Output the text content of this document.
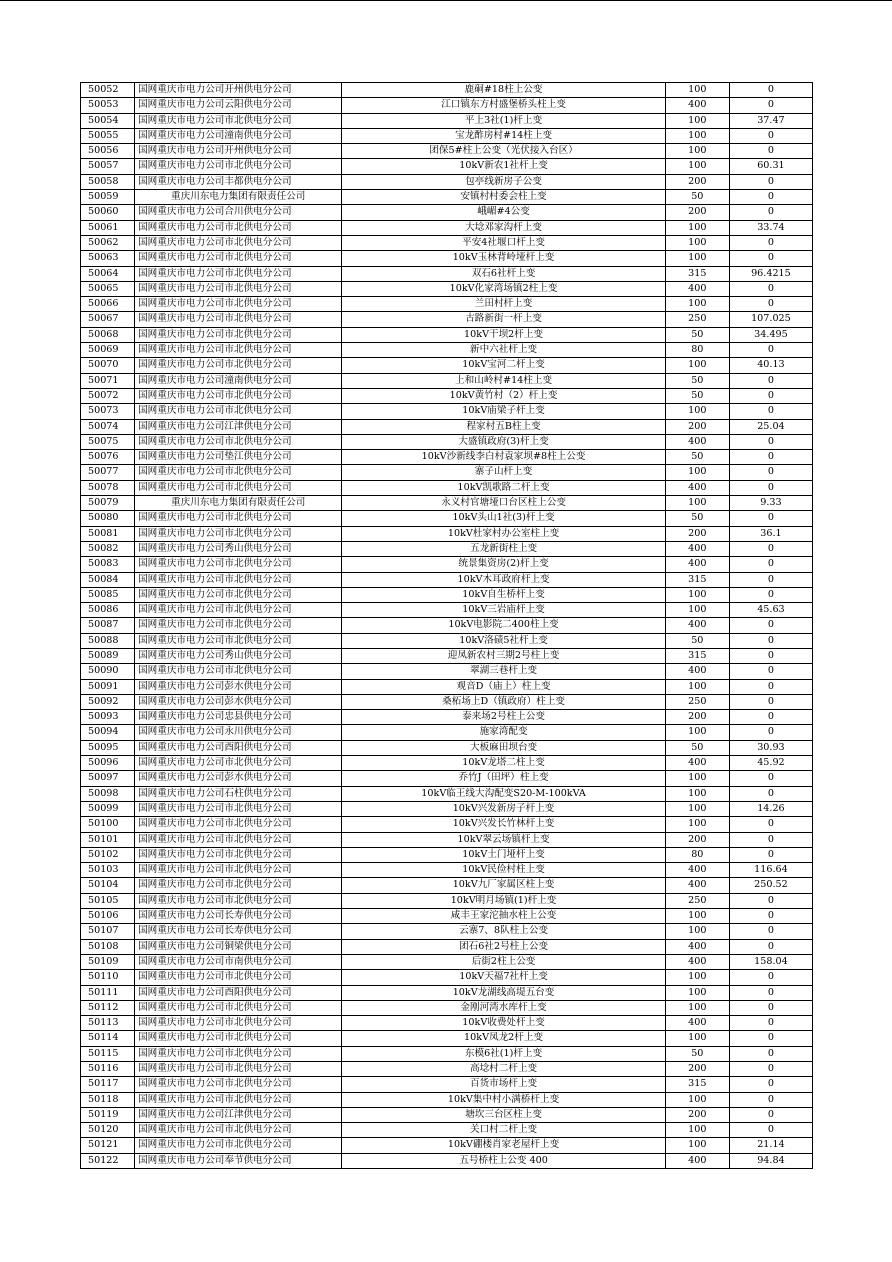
50052	国网重庆市电力公司开州供电分公司	鹿硐#18柱上公变	100	0
50053	国网重庆市电力公司云阳供电分公司	江口镇东方村盛堡桥头柱上变	400	0
50054	国网重庆市电力公司市北供电分公司	平上3社(1)杆上变	100	37.47
50055	国网重庆市电力公司潼南供电分公司	宝龙酢房村#14柱上变	100	0
50056	国网重庆市电力公司开州供电分公司	团保5#柱上公变（光伏接入台区）	100	0
50057	国网重庆市电力公司市北供电分公司	10kV新农1社杆上变	100	60.31
50058	国网重庆市电力公司丰都供电分公司	包亭线新房子公变	200	0
50059	重庆川东电力集团有限责任公司	安镇村村委会柱上变	50	0
50060	国网重庆市电力公司合川供电分公司	峨嵋#4公变	200	0
50061	国网重庆市电力公司市北供电分公司	大埝邓家沟杆上变	100	33.74
50062	国网重庆市电力公司市北供电分公司	平安4社堰口杆上变	100	0
50063	国网重庆市电力公司市北供电分公司	10kV玉林背岭垭杆上变	100	0
50064	国网重庆市电力公司市北供电分公司	双石6社杆上变	315	96.4215
50065	国网重庆市电力公司市北供电分公司	10kV化家湾场镇2柱上变	400	0
50066	国网重庆市电力公司市北供电分公司	兰田村杆上变	100	0
50067	国网重庆市电力公司市北供电分公司	古路新街一杆上变	250	107.025
50068	国网重庆市电力公司市北供电分公司	10kV干坝2杆上变	50	34.495
50069	国网重庆市电力公司市北供电分公司	新中六社杆上变	80	0
50070	国网重庆市电力公司市北供电分公司	10kV宝河二杆上变	100	40.13
50071	国网重庆市电力公司潼南供电分公司	上和山岭村#14柱上变	50	0
50072	国网重庆市电力公司市北供电分公司	10kV黄竹村（2）杆上变	50	0
50073	国网重庆市电力公司市北供电分公司	10kV庙梁子杆上变	100	0
50074	国网重庆市电力公司江津供电分公司	程家村五B柱上变	200	25.04
50075	国网重庆市电力公司市北供电分公司	大盛镇政府(3)杆上变	400	0
50076	国网重庆市电力公司垫江供电分公司	10kV沙新线李白村袁家坝#8柱上公变	50	0
50077	国网重庆市电力公司市北供电分公司	寨子山杆上变	100	0
50078	国网重庆市电力公司市北供电分公司	10kV凯歌路二杆上变	400	0
50079	重庆川东电力集团有限责任公司	永义村官塘垭口台区柱上公变	100	9.33
50080	国网重庆市电力公司市北供电分公司	10kV头山1社(3)杆上变	50	0
50081	国网重庆市电力公司市北供电分公司	10kV杜家村办公室柱上变	200	36.1
50082	国网重庆市电力公司秀山供电分公司	五龙新街柱上变	400	0
50083	国网重庆市电力公司市北供电分公司	统景集资房(2)杆上变	400	0
50084	国网重庆市电力公司市北供电分公司	10kV木耳政府杆上变	315	0
50085	国网重庆市电力公司市北供电分公司	10kV自生桥杆上变	100	0
50086	国网重庆市电力公司市北供电分公司	10kV三岩庙杆上变	100	45.63
50087	国网重庆市电力公司市北供电分公司	10kV电影院二400柱上变	400	0
50088	国网重庆市电力公司市北供电分公司	10kV洛碛5社杆上变	50	0
50089	国网重庆市电力公司秀山供电分公司	迎凤新农村三期2号柱上变	315	0
50090	国网重庆市电力公司市北供电分公司	翠湖三巷杆上变	400	0
50091	国网重庆市电力公司彭水供电分公司	观音D（庙上）柱上变	100	0
50092	国网重庆市电力公司彭水供电分公司	桑柘场上D（镇政府）柱上变	250	0
50093	国网重庆市电力公司忠县供电分公司	泰来场2号柱上公变	200	0
50094	国网重庆市电力公司永川供电分公司	施家湾配变	100	0
50095	国网重庆市电力公司酉阳供电分公司	大板麻田坝台变	50	30.93
50096	国网重庆市电力公司市北供电分公司	10kV龙塔二柱上变	400	45.92
50097	国网重庆市电力公司彭水供电分公司	乔竹J（田坪）柱上变	100	0
50098	国网重庆市电力公司石柱供电分公司	10kV临王线大沟配变S20-M-100kVA	100	0
50099	国网重庆市电力公司市北供电分公司	10kV兴发新房子杆上变	100	14.26
50100	国网重庆市电力公司市北供电分公司	10kV兴发长竹林杆上变	100	0
50101	国网重庆市电力公司市北供电分公司	10kV翠云场镇杆上变	200	0
50102	国网重庆市电力公司市北供电分公司	10kV土门垭杆上变	80	0
50103	国网重庆市电力公司市北供电分公司	10kV民俭村柱上变	400	116.64
50104	国网重庆市电力公司市北供电分公司	10kV九厂家属区柱上变	400	250.52
50105	国网重庆市电力公司市北供电分公司	10kV明月场镇(1)杆上变	250	0
50106	国网重庆市电力公司长寿供电分公司	咸丰王家沱抽水柱上公变	100	0
50107	国网重庆市电力公司长寿供电分公司	云寨7、8队柱上公变	100	0
50108	国网重庆市电力公司铜梁供电分公司	团石6社2号柱上公变	400	0
50109	国网重庆市电力公司市南供电分公司	后街2柱上公变	400	158.04
50110	国网重庆市电力公司市北供电分公司	10kV天福7社杆上变	100	0
50111	国网重庆市电力公司酉阳供电分公司	10kV龙湖线高堤五台变	100	0
50112	国网重庆市电力公司市北供电分公司	金刚河湾水库杆上变	100	0
50113	国网重庆市电力公司市北供电分公司	10kV收费处杆上变	400	0
50114	国网重庆市电力公司市北供电分公司	10kV凤龙2杆上变	100	0
50115	国网重庆市电力公司市北供电分公司	东模6社(1)杆上变	50	0
50116	国网重庆市电力公司市北供电分公司	高埝村二杆上变	200	0
50117	国网重庆市电力公司市北供电分公司	百货市场杆上变	315	0
50118	国网重庆市电力公司市北供电分公司	10kV集中村小满桥杆上变	100	0
50119	国网重庆市电力公司江津供电分公司	塘坎三台区柱上变	200	0
50120	国网重庆市电力公司市北供电分公司	关口村二杆上变	100	0
50121	国网重庆市电力公司市北供电分公司	10kV硼楼肖家老屋杆上变	100	21.14
50122	国网重庆市电力公司奉节供电分公司	五号桥柱上公变 400	400	94.84
